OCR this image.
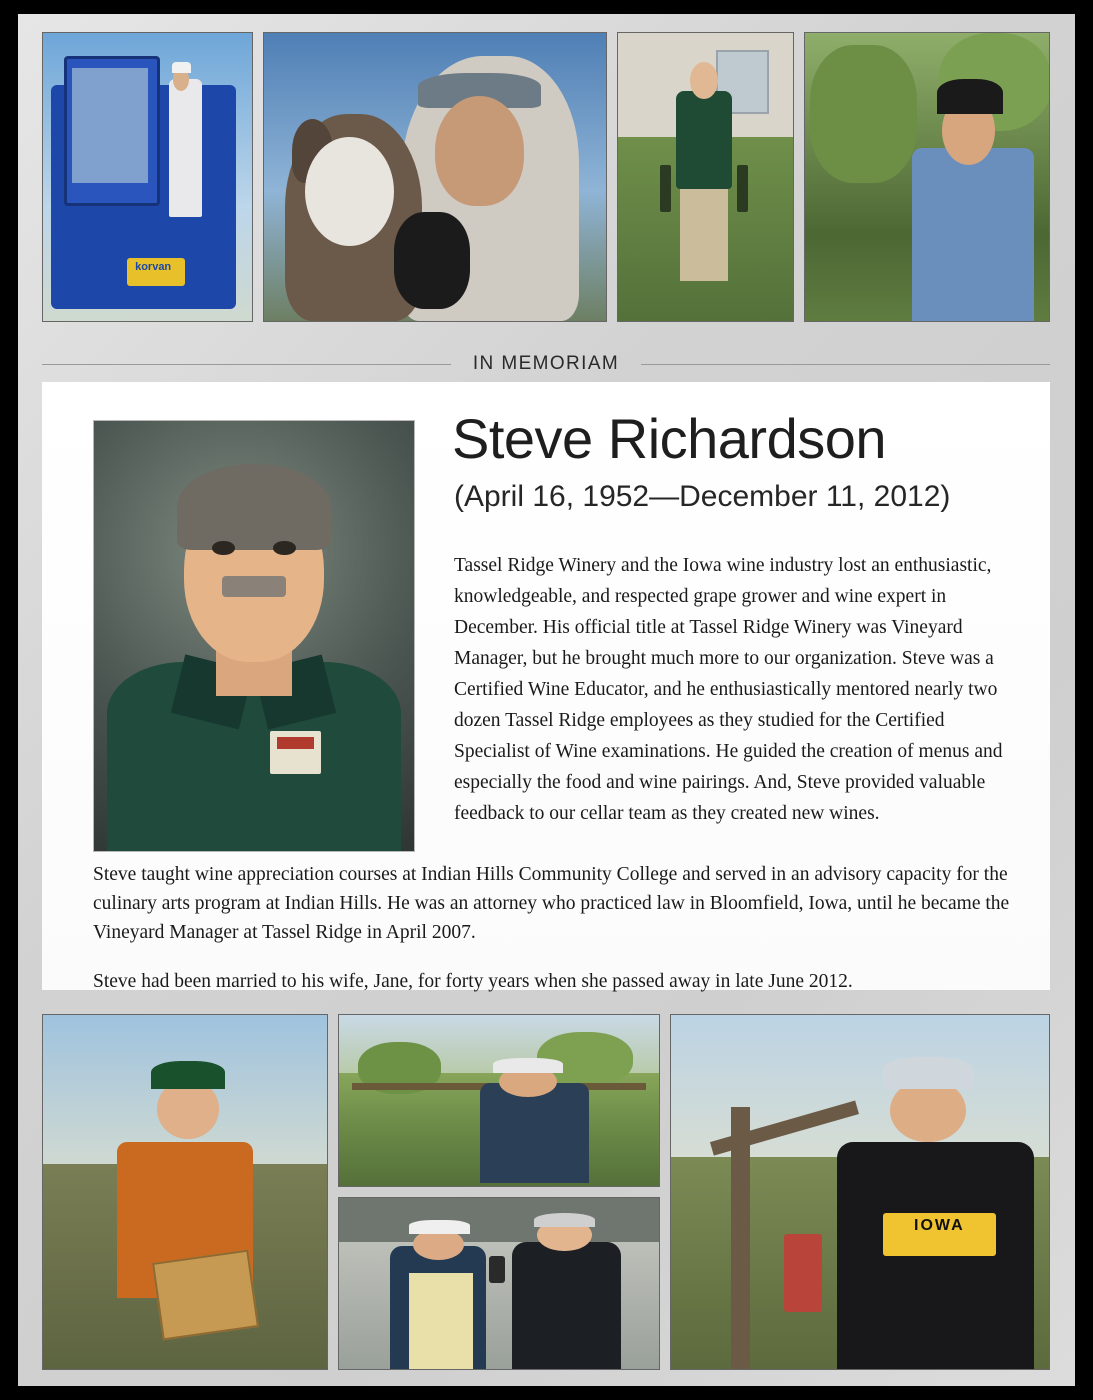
korvan
IN MEMORIAM
Steve Richardson
(April 16, 1952—December 11, 2012)
Tassel Ridge Winery and the Iowa wine industry lost an enthusiastic, knowledgeable, and respected grape grower and wine expert in December. His official title at Tassel Ridge Winery was Vineyard Manager, but he brought much more to our organization. Steve was a Certified Wine Educator, and he enthusiastically mentored nearly two dozen Tassel Ridge employees as they studied for the Certified Specialist of Wine examinations. He guided the creation of menus and especially the food and wine pairings. And, Steve provided valuable feedback to our cellar team as they created new wines.

Steve taught wine appreciation courses at Indian Hills Community College and served in an advisory capacity for the culinary arts program at Indian Hills. He was an attorney who practiced law in Bloomfield, Iowa, until he became the Vineyard Manager at Tassel Ridge in April 2007.

Steve had been married to his wife, Jane, for forty years when she passed away in late June 2012.

IOWA
